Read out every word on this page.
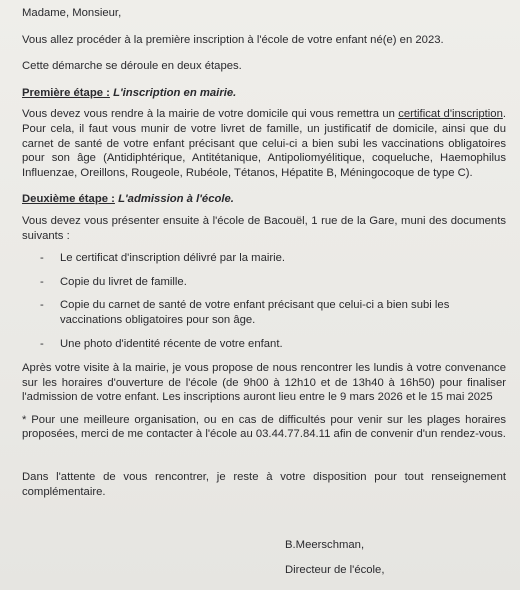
Madame, Monsieur,

Vous allez procéder à la première inscription à l'école de votre enfant né(e) en 2023.

Cette démarche se déroule en deux étapes.

Première étape : L'inscription en mairie.

Vous devez vous rendre à la mairie de votre domicile qui vous remettra un certificat d'inscription. Pour cela, il faut vous munir de votre livret de famille, un justificatif de domicile, ainsi que du carnet de santé de votre enfant précisant que celui-ci a bien subi les vaccinations obligatoires pour son âge (Antidiphtérique, Antitétanique, Antipoliomyélitique, coqueluche, Haemophilus Influenzae, Oreillons, Rougeole, Rubéole, Tétanos, Hépatite B, Méningocoque de type C).

Deuxième étape : L'admission à l'école.

Vous devez vous présenter ensuite à l'école de Bacouël, 1 rue de la Gare, muni des documents suivants :

- Le certificat d'inscription délivré par la mairie.
- Copie du livret de famille.
- Copie du carnet de santé de votre enfant précisant que celui-ci a bien subi les vaccinations obligatoires pour son âge.
- Une photo d'identité récente de votre enfant.

Après votre visite à la mairie, je vous propose de nous rencontrer les lundis à votre convenance sur les horaires d'ouverture de l'école (de 9h00 à 12h10 et de 13h40 à 16h50) pour finaliser l'admission de votre enfant. Les inscriptions auront lieu entre le 9 mars 2026 et le 15 mai 2025

* Pour une meilleure organisation, ou en cas de difficultés pour venir sur les plages horaires proposées, merci de me contacter à l'école au 03.44.77.84.11 afin de convenir d'un rendez-vous.

Dans l'attente de vous rencontrer, je reste à votre disposition pour tout renseignement complémentaire.

B.Meerschman,

Directeur de l'école,
